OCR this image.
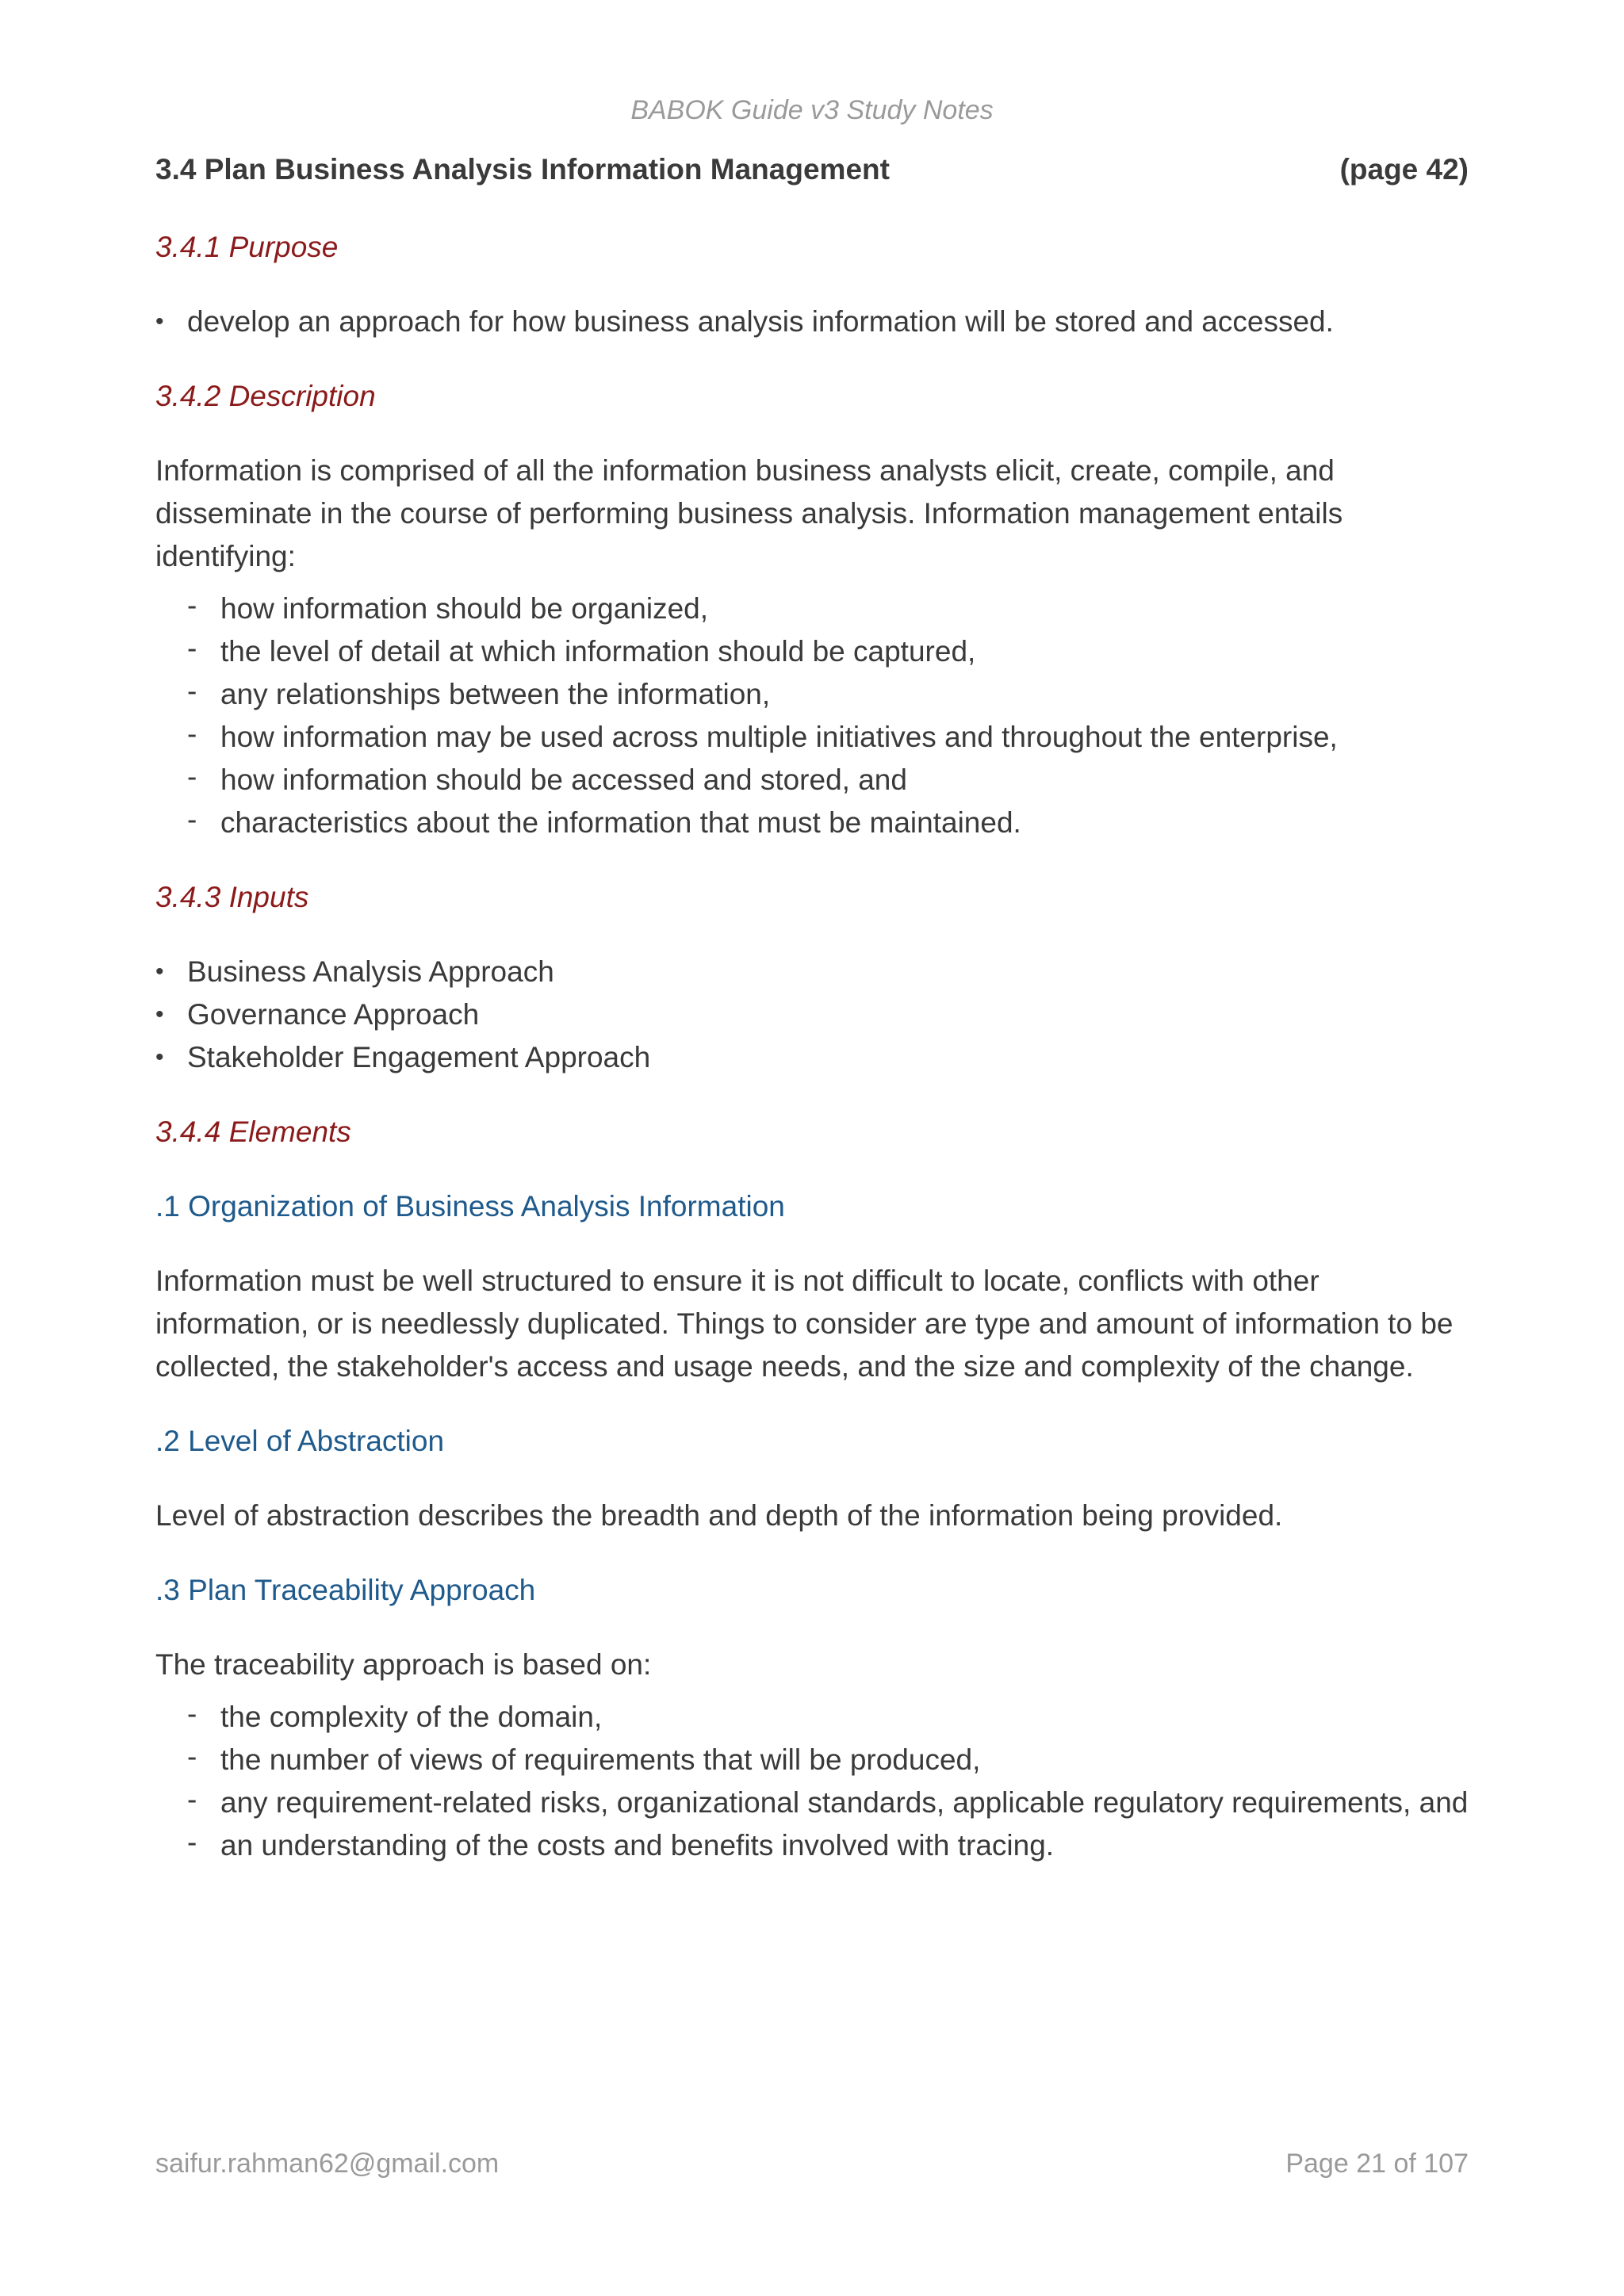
BABOK Guide v3 Study Notes
3.4 Plan Business Analysis Information Management	(page 42)
3.4.1 Purpose
• develop an approach for how business analysis information will be stored and accessed.
3.4.2 Description

Information is comprised of all the information business analysts elicit, create, compile, and disseminate in the course of performing business analysis. Information management entails identifying:

- how information should be organized,
- the level of detail at which information should be captured,
- any relationships between the information,
- how information may be used across multiple initiatives and throughout the enterprise,
- how information should be accessed and stored, and
- characteristics about the information that must be maintained.
3.4.3 Inputs
• Business Analysis Approach
• Governance Approach
• Stakeholder Engagement Approach
3.4.4 Elements
.1 Organization of Business Analysis Information

Information must be well structured to ensure it is not difficult to locate, conflicts with other information, or is needlessly duplicated. Things to consider are type and amount of information to be collected, the stakeholder's access and usage needs, and the size and complexity of the change.

.2 Level of Abstraction

Level of abstraction describes the breadth and depth of the information being provided.

.3 Plan Traceability Approach

The traceability approach is based on:

- the complexity of the domain,
- the number of views of requirements that will be produced,
- any requirement-related risks, organizational standards, applicable regulatory requirements, and
- an understanding of the costs and benefits involved with tracing.
saifur.rahman62@gmail.com	Page 21 of 107
